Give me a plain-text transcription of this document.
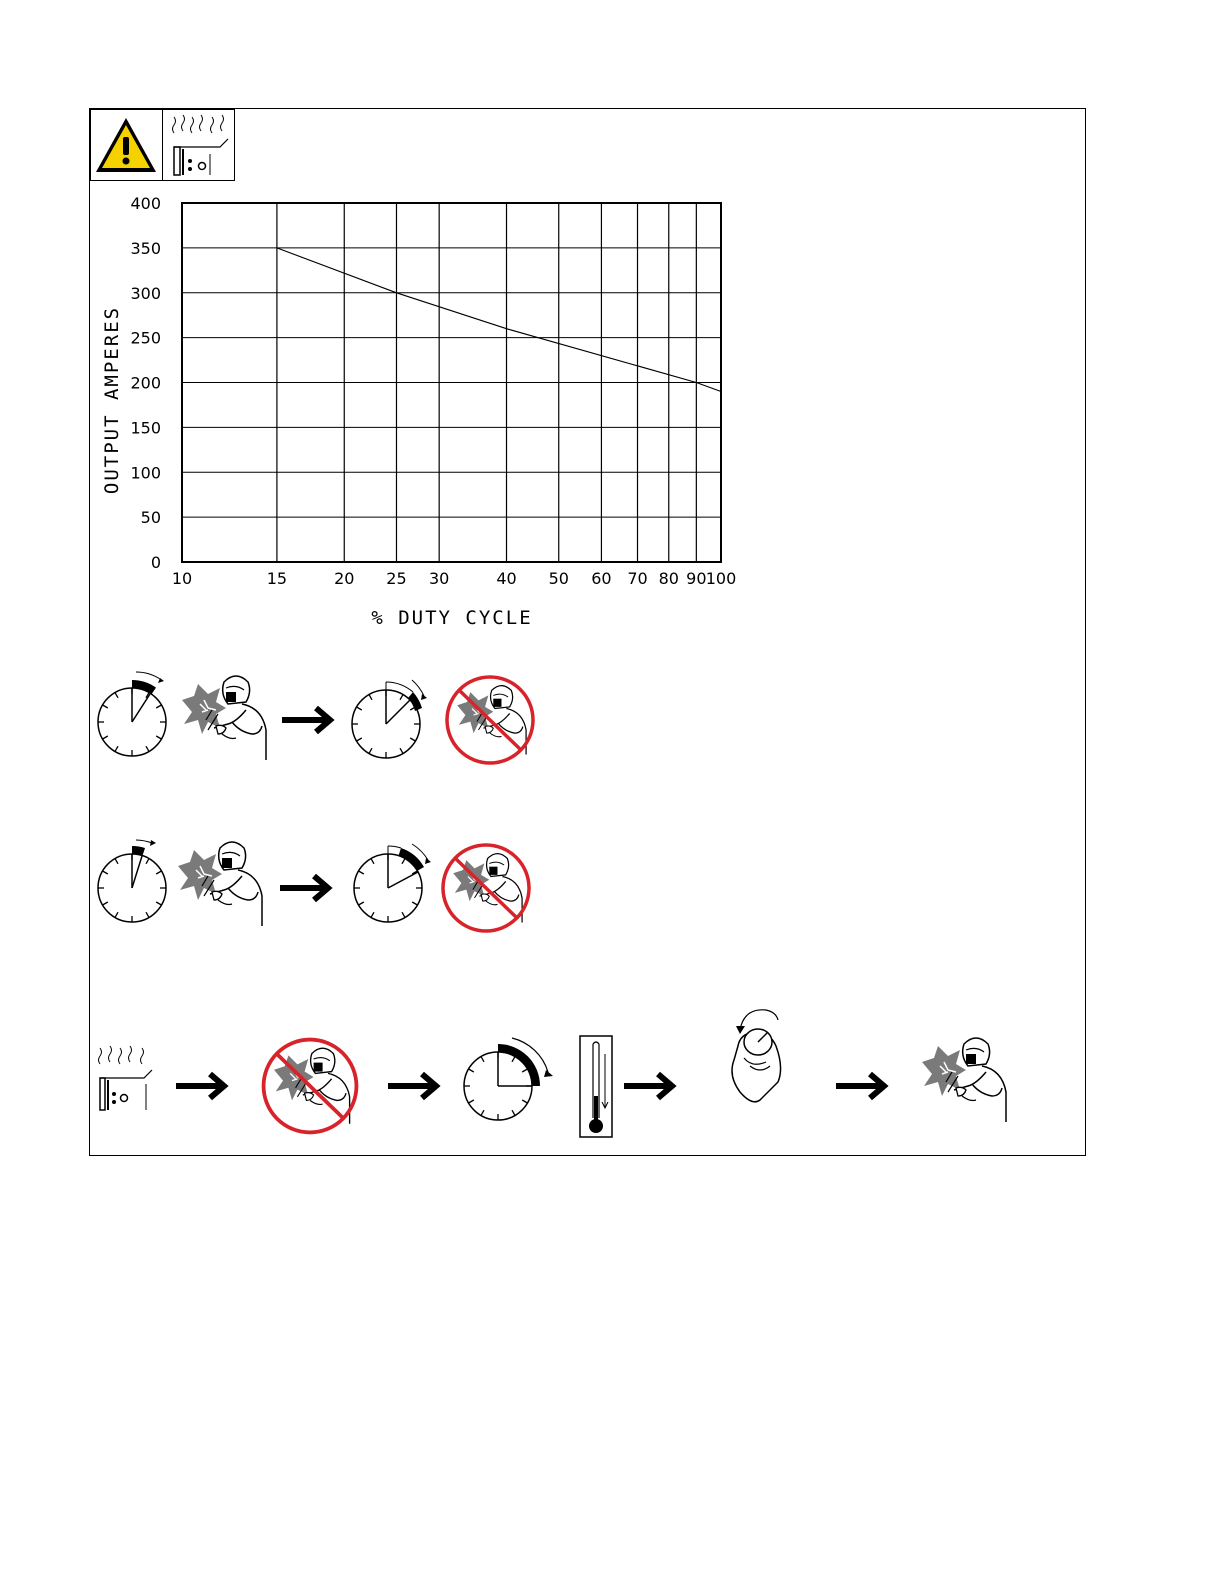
0
50
100
150
200
250
300
350
400
10	15	20 25 30	40 50 60 70 80 90 100
OUTPUT AMPERES
% DUTY CYCLE
